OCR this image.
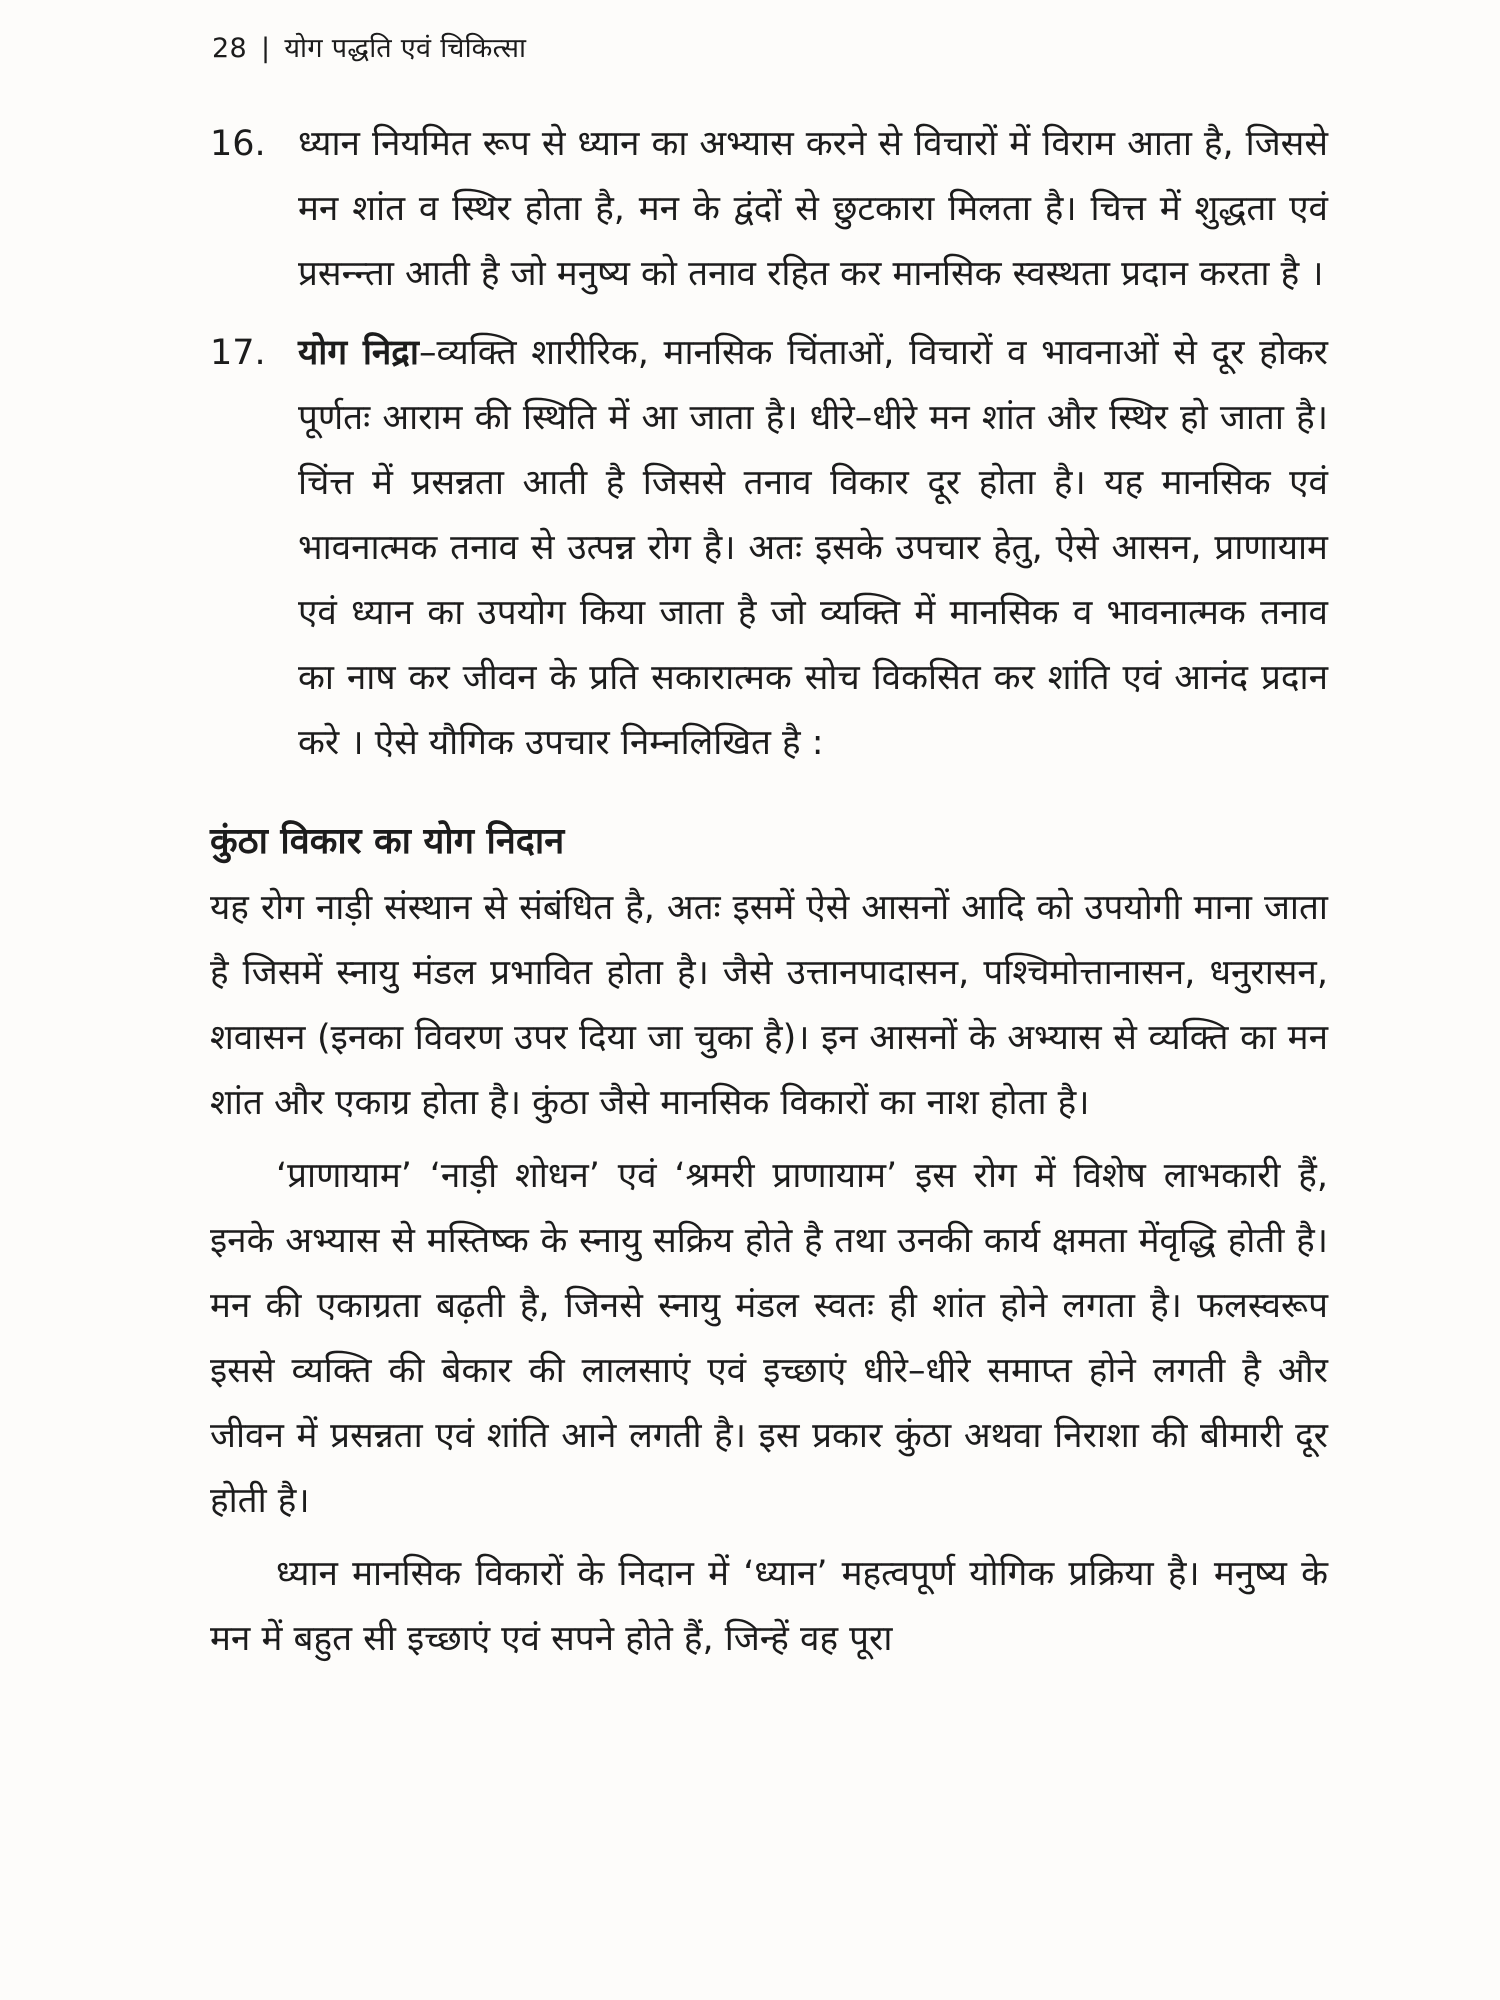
28 | योग पद्धति एवं चिकित्सा
16. ध्यान नियमित रूप से ध्यान का अभ्यास करने से विचारों में विराम आता है, जिससे मन शांत व स्थिर होता है, मन के द्वंदों से छुटकारा मिलता है। चित्त में शुद्धता एवं प्रसन्न्ता आती है जो मनुष्य को तनाव रहित कर मानसिक स्वस्थता प्रदान करता है ।
17. योग निद्रा–व्यक्ति शारीरिक, मानसिक चिंताओं, विचारों व भावनाओं से दूर होकर पूर्णतः आराम की स्थिति में आ जाता है। धीरे–धीरे मन शांत और स्थिर हो जाता है। चिंत्त में प्रसन्नता आती है जिससे तनाव विकार दूर होता है। यह मानसिक एवं भावनात्मक तनाव से उत्पन्न रोग है। अतः इसके उपचार हेतु, ऐसे आसन, प्राणायाम एवं ध्यान का उपयोग किया जाता है जो व्यक्ति में मानसिक व भावनात्मक तनाव का नाष कर जीवन के प्रति सकारात्मक सोच विकसित कर शांति एवं आनंद प्रदान करे । ऐसे यौगिक उपचार निम्नलिखित है :
कुंठा विकार का योग निदान

यह रोग नाड़ी संस्थान से संबंधित है, अतः इसमें ऐसे आसनों आदि को उपयोगी माना जाता है जिसमें स्नायु मंडल प्रभावित होता है। जैसे उत्तानपादासन, पश्चिमोत्तानासन, धनुरासन, शवासन (इनका विवरण उपर दिया जा चुका है)। इन आसनों के अभ्यास से व्यक्ति का मन शांत और एकाग्र होता है। कुंठा जैसे मानसिक विकारों का नाश होता है।

‘प्राणायाम’ ‘नाड़ी शोधन’ एवं ‘श्रमरी प्राणायाम’ इस रोग में विशेष लाभकारी हैं, इनके अभ्यास से मस्तिष्क के स्नायु सक्रिय होते है तथा उनकी कार्य क्षमता मेंवृद्धि होती है। मन की एकाग्रता बढ़ती है, जिनसे स्नायु मंडल स्वतः ही शांत होने लगता है। फलस्वरूप इससे व्यक्ति की बेकार की लालसाएं एवं इच्छाएं धीरे–धीरे समाप्त होने लगती है और जीवन में प्रसन्नता एवं शांति आने लगती है। इस प्रकार कुंठा अथवा निराशा की बीमारी दूर होती है।

ध्यान मानसिक विकारों के निदान में ‘ध्यान’ महत्वपूर्ण योगिक प्रक्रिया है। मनुष्य के मन में बहुत सी इच्छाएं एवं सपने होते हैं, जिन्हें वह पूरा
